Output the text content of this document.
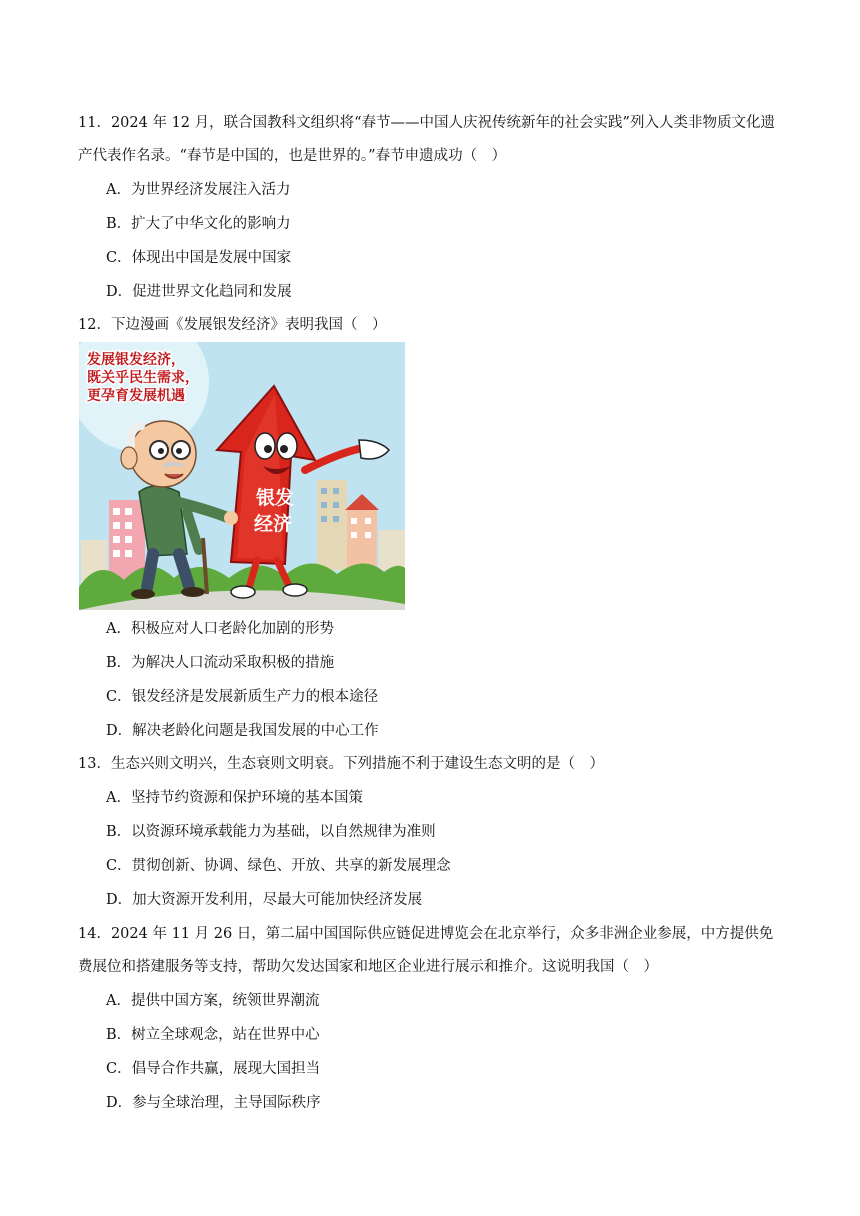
11．2024 年 12 月，联合国教科文组织将“春节——中国人庆祝传统新年的社会实践”列入人类非物质文化遗
产代表作名录。“春节是中国的，也是世界的。”春节申遗成功（　）
A．为世界经济发展注入活力
B．扩大了中华文化的影响力
C．体现出中国是发展中国家
D．促进世界文化趋同和发展
12．下边漫画《发展银发经济》表明我国（　）
银发
经济
发展银发经济，
既关乎民生需求，
更孕育发展机遇
A．积极应对人口老龄化加剧的形势
B．为解决人口流动采取积极的措施
C．银发经济是发展新质生产力的根本途径
D．解决老龄化问题是我国发展的中心工作
13．生态兴则文明兴，生态衰则文明衰。下列措施不利于建设生态文明的是（　）
A．坚持节约资源和保护环境的基本国策
B．以资源环境承载能力为基础，以自然规律为准则
C．贯彻创新、协调、绿色、开放、共享的新发展理念
D．加大资源开发利用，尽最大可能加快经济发展
14．2024 年 11 月 26 日，第二届中国国际供应链促进博览会在北京举行，众多非洲企业参展，中方提供免
费展位和搭建服务等支持，帮助欠发达国家和地区企业进行展示和推介。这说明我国（　）
A．提供中国方案，统领世界潮流
B．树立全球观念，站在世界中心
C．倡导合作共赢，展现大国担当
D．参与全球治理，主导国际秩序
